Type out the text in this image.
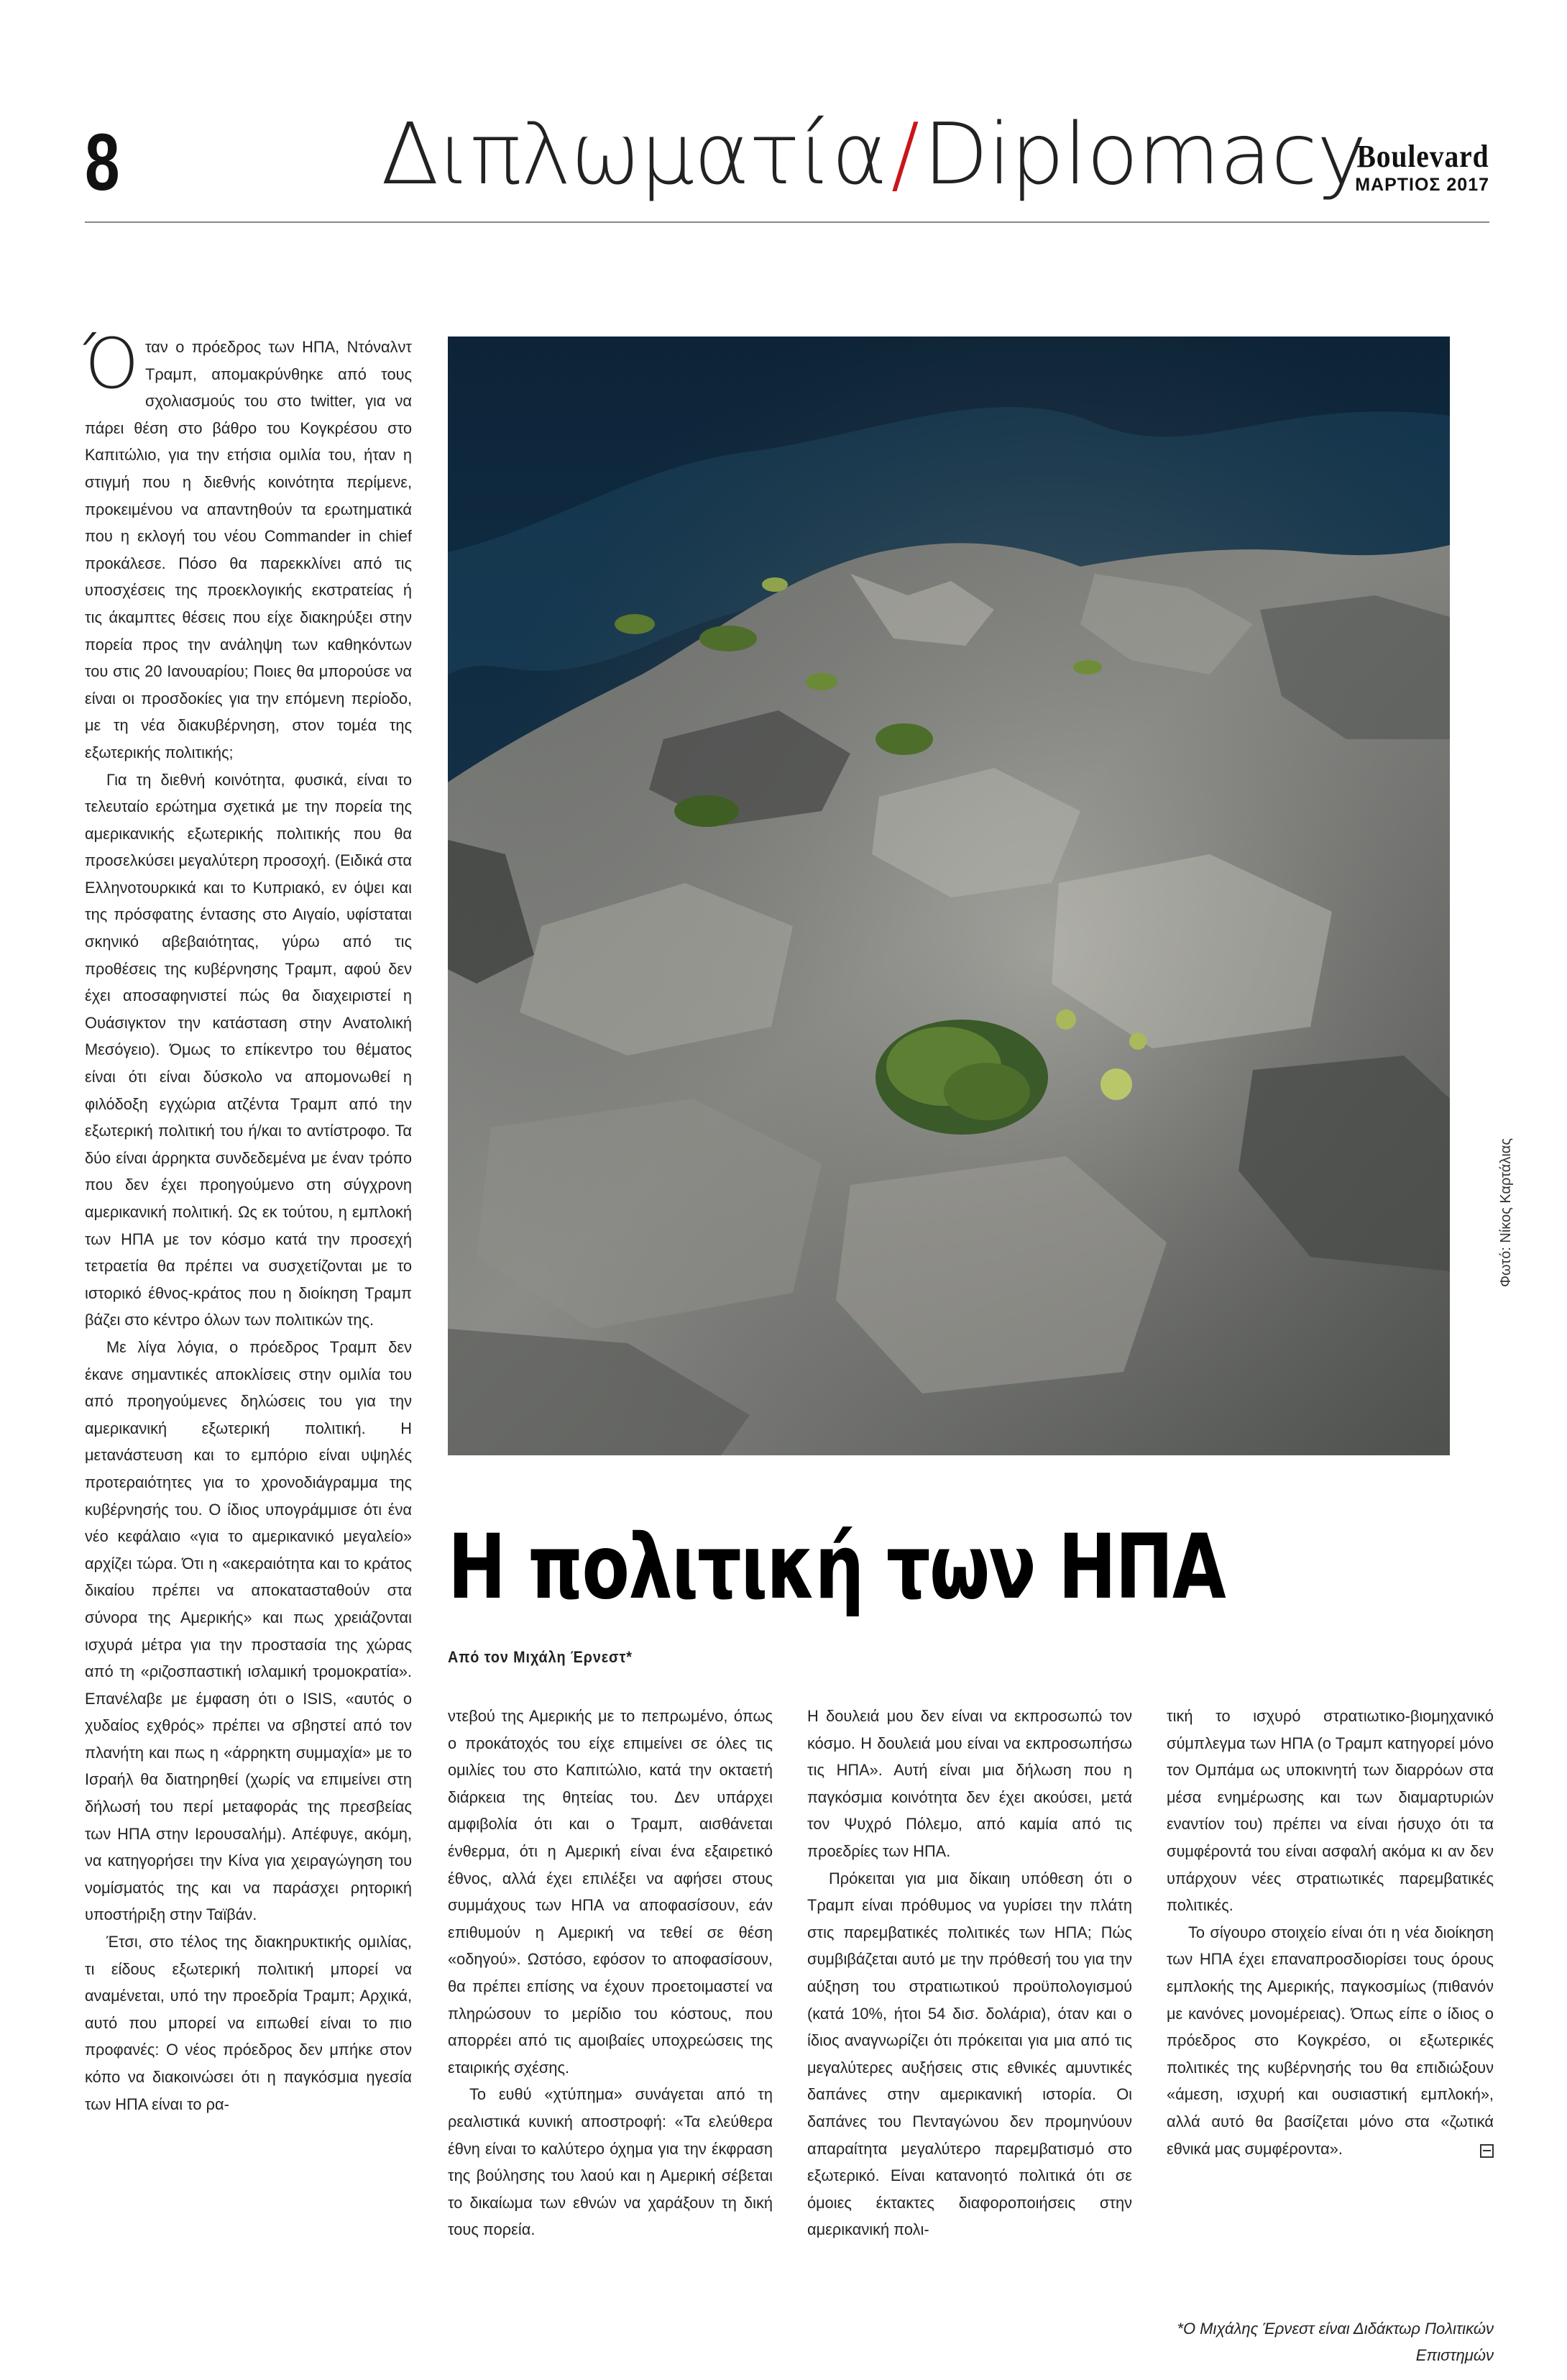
8	Διπλωματία/Diplomacy
Boulevard
ΜΑΡΤΙΟΣ 2017
Φωτό: Νίκος Καρτάλιας
Η πολιτική των ΗΠΑ
Από τον Μιχάλη Έρνεστ*

Όταν ο πρόεδρος των ΗΠΑ, Ντόναλντ Τραμπ, απομακρύνθηκε από τους σχολιασμούς του στο twitter, για να πάρει θέση στο βάθρο του Κογκρέσου στο Καπιτώλιο, για την ετήσια ομιλία του, ήταν η στιγμή που η διεθνής κοινότητα περίμενε, προκειμένου να απαντηθούν τα ερωτηματικά που η εκλογή του νέου Commander in chief προκάλεσε. Πόσο θα παρεκκλίνει από τις υποσχέσεις της προεκλογικής εκστρατείας ή τις άκαμπτες θέσεις που είχε διακηρύξει στην πορεία προς την ανάληψη των καθηκόντων του στις 20 Ιανουαρίου; Ποιες θα μπορούσε να είναι οι προσδοκίες για την επόμενη περίοδο, με τη νέα διακυβέρνηση, στον τομέα της εξωτερικής πολιτικής;

Για τη διεθνή κοινότητα, φυσικά, είναι το τελευταίο ερώτημα σχετικά με την πορεία της αμερικανικής εξωτερικής πολιτικής που θα προσελκύσει μεγαλύτερη προσοχή. (Ειδικά στα Ελληνοτουρκικά και το Κυπριακό, εν όψει και της πρόσφατης έντασης στο Αιγαίο, υφίσταται σκηνικό αβεβαιότητας, γύρω από τις προθέσεις της κυβέρνησης Τραμπ, αφού δεν έχει αποσαφηνιστεί πώς θα διαχειριστεί η Ουάσιγκτον την κατάσταση στην Ανατολική Μεσόγειο). Όμως το επίκεντρο του θέματος είναι ότι είναι δύσκολο να απομονωθεί η φιλόδοξη εγχώρια ατζέντα Τραμπ από την εξωτερική πολιτική του ή/και το αντίστροφο. Τα δύο είναι άρρηκτα συνδεδεμένα με έναν τρόπο που δεν έχει προηγούμενο στη σύγχρονη αμερικανική πολιτική. Ως εκ τούτου, η εμπλοκή των ΗΠΑ με τον κόσμο κατά την προσεχή τετραετία θα πρέπει να συσχετίζονται με το ιστορικό έθνος-κράτος που η διοίκηση Τραμπ βάζει στο κέντρο όλων των πολιτικών της.

Με λίγα λόγια, ο πρόεδρος Τραμπ δεν έκανε σημαντικές αποκλίσεις στην ομιλία του από προηγούμενες δηλώσεις του για την αμερικανική εξωτερική πολιτική. Η μετανάστευση και το εμπόριο είναι υψηλές προτεραιότητες για το χρονοδιάγραμμα της κυβέρνησής του. Ο ίδιος υπογράμμισε ότι ένα νέο κεφάλαιο «για το αμερικανικό μεγαλείο» αρχίζει τώρα. Ότι η «ακεραιότητα και το κράτος δικαίου πρέπει να αποκατασταθούν στα σύνορα της Αμερικής» και πως χρειάζονται ισχυρά μέτρα για την προστασία της χώρας από τη «ριζοσπαστική ισλαμική τρομοκρατία». Επανέλαβε με έμφαση ότι ο ISIS, «αυτός ο χυδαίος εχθρός» πρέπει να σβηστεί από τον πλανήτη και πως η «άρρηκτη συμμαχία» με το Ισραήλ θα διατηρηθεί (χωρίς να επιμείνει στη δήλωσή του περί μεταφοράς της πρεσβείας των ΗΠΑ στην Ιερουσαλήμ). Απέφυγε, ακόμη, να κατηγορήσει την Κίνα για χειραγώγηση του νομίσματός της και να παράσχει ρητορική υποστήριξη στην Ταϊβάν.

Έτσι, στο τέλος της διακηρυκτικής ομιλίας, τι είδους εξωτερική πολιτική μπορεί να αναμένεται, υπό την προεδρία Τραμπ; Αρχικά, αυτό που μπορεί να ειπωθεί είναι το πιο προφανές: Ο νέος πρόεδρος δεν μπήκε στον κόπο να διακοινώσει ότι η παγκόσμια ηγεσία των ΗΠΑ είναι το ρα-

ντεβού της Αμερικής με το πεπρωμένο, όπως ο προκάτοχός του είχε επιμείνει σε όλες τις ομιλίες του στο Καπιτώλιο, κατά την οκταετή διάρκεια της θητείας του. Δεν υπάρχει αμφιβολία ότι και ο Τραμπ, αισθάνεται ένθερμα, ότι η Αμερική είναι ένα εξαιρετικό έθνος, αλλά έχει επιλέξει να αφήσει στους συμμάχους των ΗΠΑ να αποφασίσουν, εάν επιθυμούν η Αμερική να τεθεί σε θέση «οδηγού». Ωστόσο, εφόσον το αποφασίσουν, θα πρέπει επίσης να έχουν προετοιμαστεί να πληρώσουν το μερίδιο του κόστους, που απορρέει από τις αμοιβαίες υποχρεώσεις της εταιρικής σχέσης.

Το ευθύ «χτύπημα» συνάγεται από τη ρεαλιστικά κυνική αποστροφή: «Τα ελεύθερα έθνη είναι το καλύτερο όχημα για την έκφραση της βούλησης του λαού και η Αμερική σέβεται το δικαίωμα των εθνών να χαράξουν τη δική τους πορεία.

Η δουλειά μου δεν είναι να εκπροσωπώ τον κόσμο. Η δουλειά μου είναι να εκπροσωπήσω τις ΗΠΑ». Αυτή είναι μια δήλωση που η παγκόσμια κοινότητα δεν έχει ακούσει, μετά τον Ψυχρό Πόλεμο, από καμία από τις προεδρίες των ΗΠΑ.

Πρόκειται για μια δίκαιη υπόθεση ότι ο Τραμπ είναι πρόθυμος να γυρίσει την πλάτη στις παρεμβατικές πολιτικές των ΗΠΑ; Πώς συμβιβάζεται αυτό με την πρόθεσή του για την αύξηση του στρατιωτικού προϋπολογισμού (κατά 10%, ήτοι 54 δισ. δολάρια), όταν και ο ίδιος αναγνωρίζει ότι πρόκειται για μια από τις μεγαλύτερες αυξήσεις στις εθνικές αμυντικές δαπάνες στην αμερικανική ιστορία. Οι δαπάνες του Πενταγώνου δεν προμηνύουν απαραίτητα μεγαλύτερο παρεμβατισμό στο εξωτερικό. Είναι κατανοητό πολιτικά ότι σε όμοιες έκτακτες διαφοροποιήσεις στην αμερικανική πολι-

τική το ισχυρό στρατιωτικο-βιομηχανικό σύμπλεγμα των ΗΠΑ (ο Τραμπ κατηγορεί μόνο τον Ομπάμα ως υποκινητή των διαρρόων στα μέσα ενημέρωσης και των διαμαρτυριών εναντίον του) πρέπει να είναι ήσυχο ότι τα συμφέροντά του είναι ασφαλή ακόμα κι αν δεν υπάρχουν νέες στρατιωτικές παρεμβατικές πολιτικές.

Το σίγουρο στοιχείο είναι ότι η νέα διοίκηση των ΗΠΑ έχει επαναπροσδιορίσει τους όρους εμπλοκής της Αμερικής, παγκοσμίως (πιθανόν με κανόνες μονομέρειας). Όπως είπε ο ίδιος ο πρόεδρος στο Κογκρέσο, οι εξωτερικές πολιτικές της κυβέρνησής του θα επιδιώξουν «άμεση, ισχυρή και ουσιαστική εμπλοκή», αλλά αυτό θα βασίζεται μόνο στα «ζωτικά εθνικά μας συμφέροντα».

*Ο Μιχάλης Έρνεστ είναι Διδάκτωρ Πολιτικών Επιστημών
